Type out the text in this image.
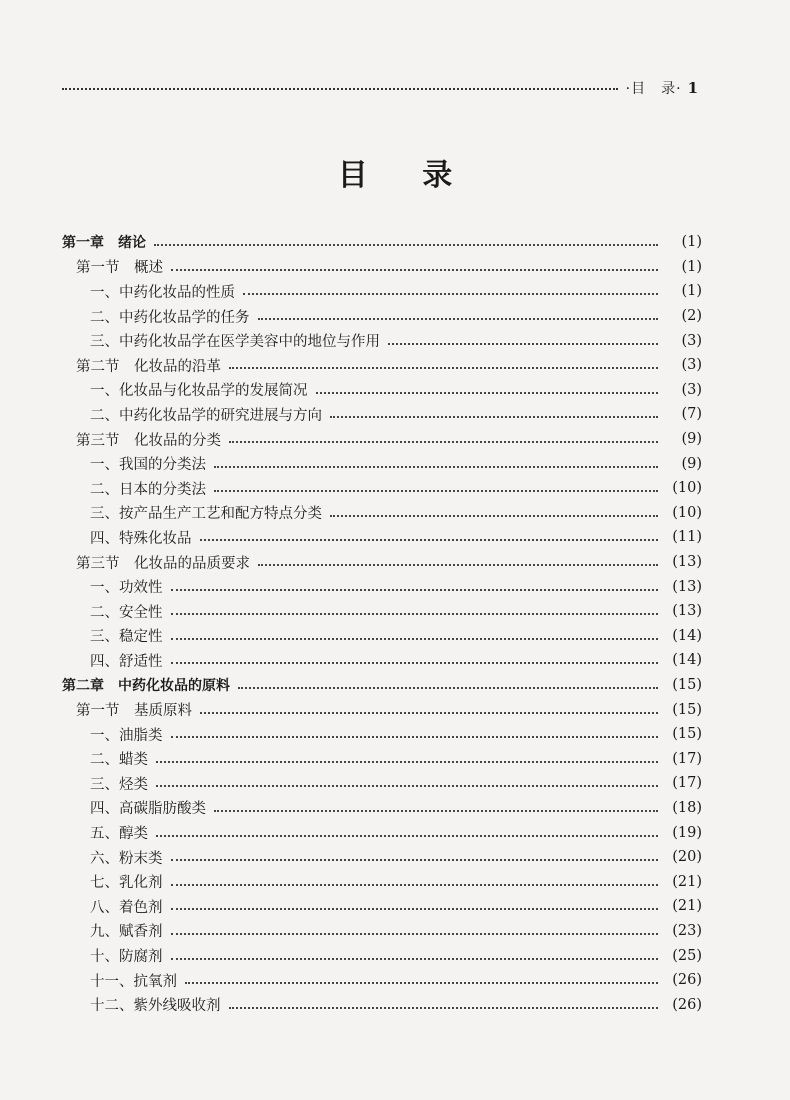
·目　录· 1
目 录
第一章　绪论	(1)
第一节　概述	(1)
一、中药化妆品的性质	(1)
二、中药化妆品学的任务	(2)
三、中药化妆品学在医学美容中的地位与作用	(3)
第二节　化妆品的沿革	(3)
一、化妆品与化妆品学的发展简况	(3)
二、中药化妆品学的研究进展与方向	(7)
第三节　化妆品的分类	(9)
一、我国的分类法	(9)
二、日本的分类法	(10)
三、按产品生产工艺和配方特点分类	(10)
四、特殊化妆品	(11)
第三节　化妆品的品质要求	(13)
一、功效性	(13)
二、安全性	(13)
三、稳定性	(14)
四、舒适性	(14)
第二章　中药化妆品的原料	(15)
第一节　基质原料	(15)
一、油脂类	(15)
二、蜡类	(17)
三、烃类	(17)
四、高碳脂肪酸类	(18)
五、醇类	(19)
六、粉末类	(20)
七、乳化剂	(21)
八、着色剂	(21)
九、赋香剂	(23)
十、防腐剂	(25)
十一、抗氧剂	(26)
十二、紫外线吸收剂	(26)
